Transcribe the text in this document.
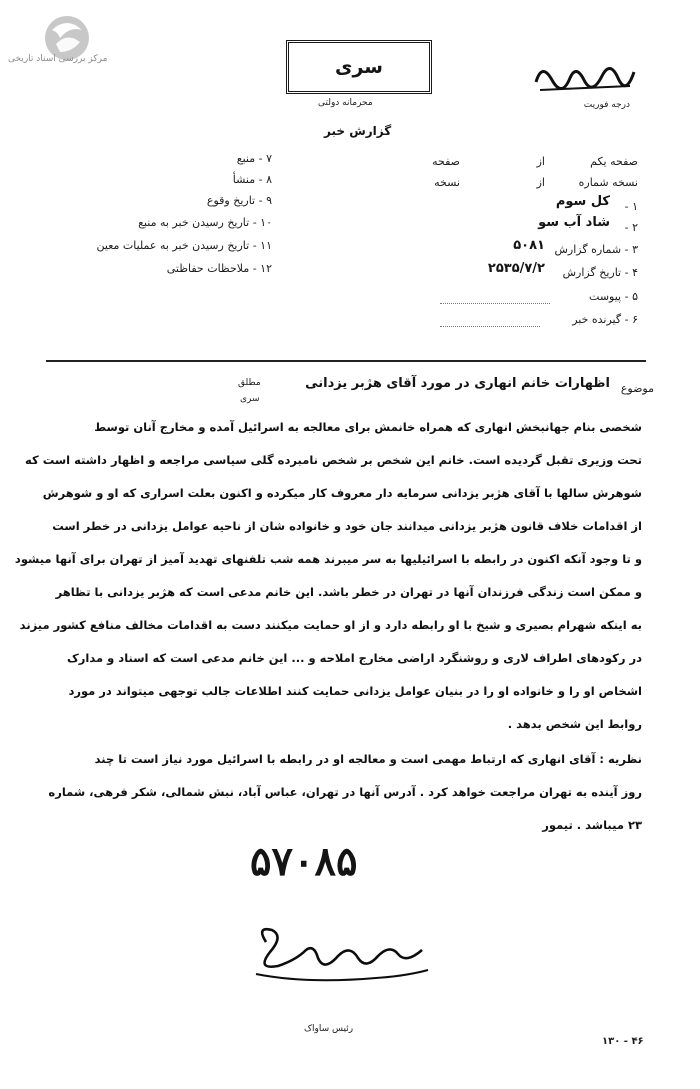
مرکز بررسی اسناد تاریخی
درجه فوریت
سری
محرمانه دولتی
گزارش خبر
صفحه یکم
از
صفحه
نسخه شماره
از
نسخه
۱ -
کل سوم
۲ -
شاد آب سو
۳ - شماره گزارش
۵۰۸۱
۴ - تاریخ گزارش
۲۵۳۵/۷/۲
۵ - پیوست
۶ - گیرنده خبر
۷ - منبع
۸ - منشأ
۹ - تاریخ وقوع
۱۰ - تاریخ رسیدن خبر به منبع
۱۱ - تاریخ رسیدن خبر به عملیات معین
۱۲ - ملاحظات حفاظتی
موضوع
اظهارات خانم انهاری در مورد آقای هژبر یزدانی
مطلق
سری
شخصی بنام جهانبخش انهاری که همراه خانمش برای معالجه به اسرائیل آمده و مخارج آنان توسط
تحت وزیری تقبل گردیده است. خانم این شخص بر شخص نامبرده گلی سیاسی مراجعه و اظهار داشته است که
شوهرش سالها با آقای هژبر یزدانی سرمایه دار معروف کار میکرده و اکنون بعلت اسراری که او و شوهرش
از اقدامات خلاف قانون هژبر یزدانی میدانند جان خود و خانواده شان از ناحیه عوامل یزدانی در خطر است
و تا وجود آنکه اکنون در رابطه با اسرائیلیها به سر میبرند همه شب تلفنهای تهدید آمیز از تهران برای آنها میشود
و ممکن است زندگی فرزندان آنها در تهران در خطر باشد. این خانم مدعی است که هژبر یزدانی با تظاهر
به اینکه شهرام بصیری و شیخ با او رابطه دارد و از او حمایت میکنند دست به اقدامات مخالف منافع کشور میزند
در رکودهای اطراف لاری و روشنگرد اراضی مخارج املاحه و ... این خانم مدعی است که اسناد و مدارک
اشخاص او را و خانواده او را در بنیان عوامل یزدانی حمایت کنند اطلاعات جالب توجهی میتواند در مورد
روابط این شخص بدهد .
نظریه : آقای انهاری که ارتباط مهمی است و معالجه او در رابطه با اسرائیل مورد نیاز است تا چند
روز آینده به تهران مراجعت خواهد کرد . آدرس آنها در تهران، عباس آباد، نبش شمالی، شکر فرهی، شماره
۲۳ میباشد . تیمور
۵۷۰۸۵
رئیس ساواک
۴۶ - ۱۳۰
